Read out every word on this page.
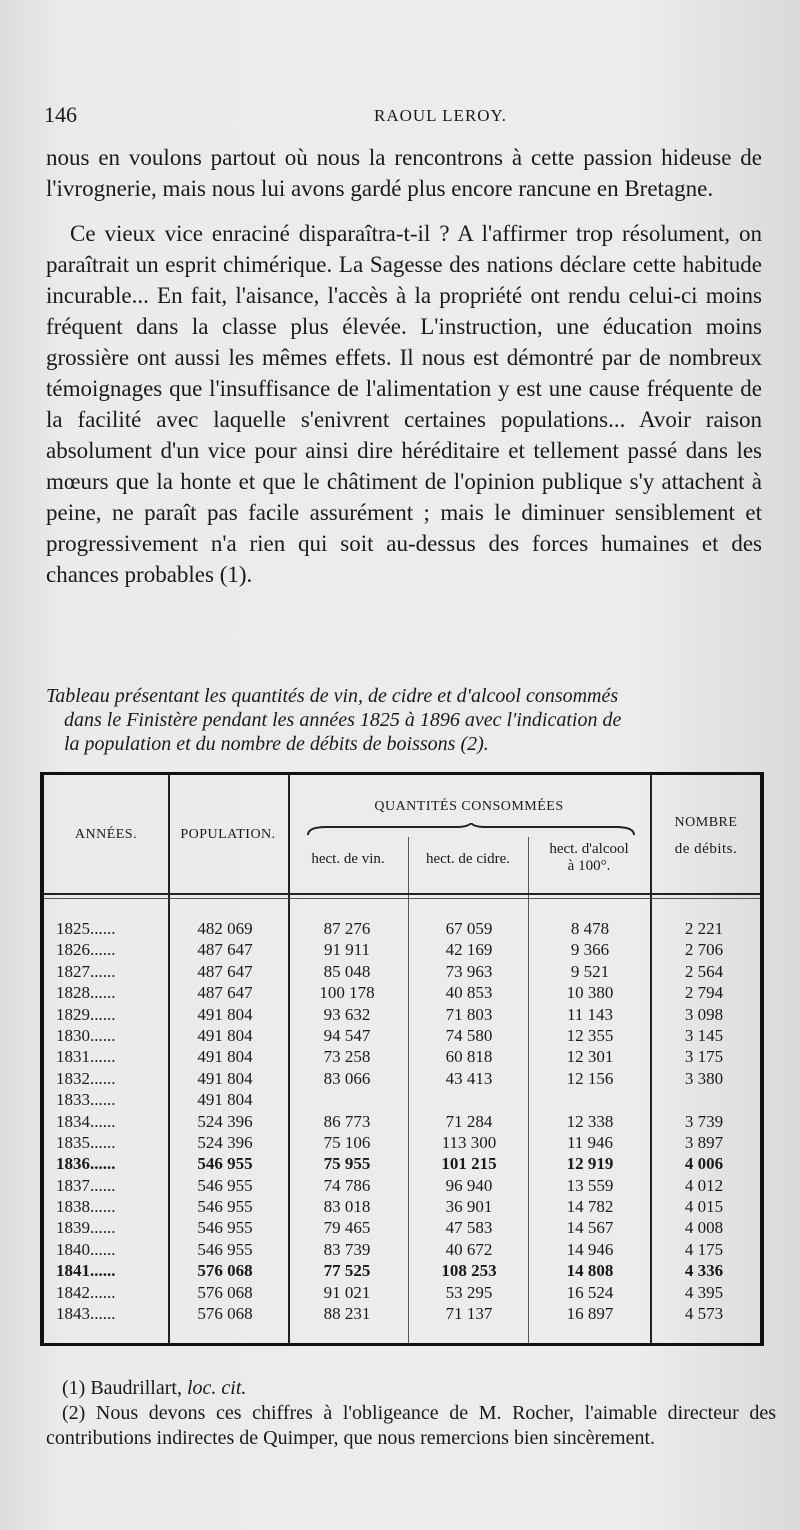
146	RAOUL LEROY.

nous en voulons partout où nous la rencontrons à cette passion hideuse de l'ivrognerie, mais nous lui avons gardé plus encore rancune en Bretagne.

Ce vieux vice enraciné disparaîtra-t-il ? A l'affirmer trop résolument, on paraîtrait un esprit chimérique. La Sagesse des nations déclare cette habitude incurable... En fait, l'aisance, l'accès à la propriété ont rendu celui-ci moins fréquent dans la classe plus élevée. L'instruction, une éducation moins grossière ont aussi les mêmes effets. Il nous est démontré par de nombreux témoignages que l'insuffisance de l'alimentation y est une cause fréquente de la facilité avec laquelle s'enivrent certaines populations... Avoir raison absolument d'un vice pour ainsi dire héréditaire et tellement passé dans les mœurs que la honte et que le châtiment de l'opinion publique s'y attachent à peine, ne paraît pas facile assurément ; mais le diminuer sensiblement et progressivement n'a rien qui soit au-dessus des forces humaines et des chances probables (1).

Tableau présentant les quantités de vin, de cidre et d'alcool consommés
dans le Finistère pendant les années 1825 à 1896 avec l'indication de
la population et du nombre de débits de boissons (2).
ANNÉES.	POPULATION.
QUANTITÉS CONSOMMÉES
hect. de vin.	hect. de cidre.
hect. d'alcool
à 100°.
NOMBRE
de débits.
1825......	482 069	87 276	67 059	8 478	2 221
1826......	487 647	91 911	42 169	9 366	2 706
1827......	487 647	85 048	73 963	9 521	2 564
1828......	487 647	100 178	40 853	10 380	2 794
1829......	491 804	93 632	71 803	11 143	3 098
1830......	491 804	94 547	74 580	12 355	3 145
1831......	491 804	73 258	60 818	12 301	3 175
1832......	491 804	83 066	43 413	12 156	3 380
1833......	491 804
1834......	524 396	86 773	71 284	12 338	3 739
1835......	524 396	75 106	113 300	11 946	3 897
1836......	546 955	75 955	101 215	12 919	4 006
1837......	546 955	74 786	96 940	13 559	4 012
1838......	546 955	83 018	36 901	14 782	4 015
1839......	546 955	79 465	47 583	14 567	4 008
1840......	546 955	83 739	40 672	14 946	4 175
1841......	576 068	77 525	108 253	14 808	4 336
1842......	576 068	91 021	53 295	16 524	4 395
1843......	576 068	88 231	71 137	16 897	4 573

(1) Baudrillart, loc. cit.

(2) Nous devons ces chiffres à l'obligeance de M. Rocher, l'aimable directeur des contributions indirectes de Quimper, que nous remercions bien sincèrement.
